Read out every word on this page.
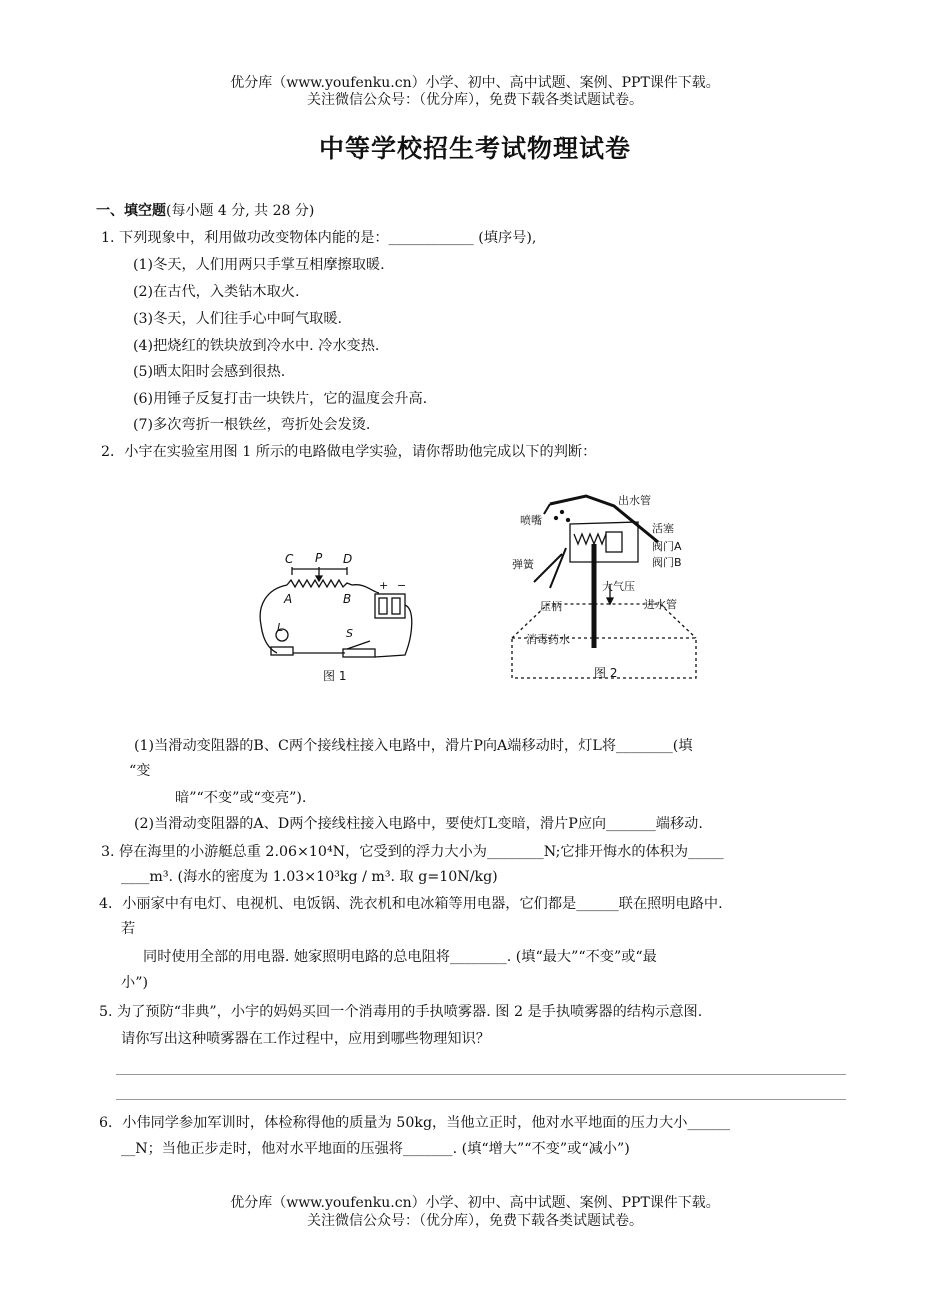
优分库（www.youfenku.cn）小学、初中、高中试题、案例、PPT课件下载。
关注微信公众号：（优分库），免费下载各类试题试卷。
中等学校招生考试物理试卷
一、填空题(每小题 4 分, 共 28 分)
1. 下列现象中，利用做功改变物体内能的是：____________ (填序号),
(1)冬天，人们用两只手掌互相摩擦取暖.
(2)在古代，入类钻木取火.
(3)冬天，人们往手心中呵气取暖.
(4)把烧红的铁块放到冷水中. 冷水变热.
(5)晒太阳时会感到很热.
(6)用锤子反复打击一块铁片，它的温度会升高.
(7)多次弯折一根铁丝，弯折处会发烫.
2．小宇在实验室用图 1 所示的电路做电学实验，请你帮助他完成以下的判断：
C P D
A	B
+ −
L	S
图 1
出水管
喷嘴
活塞
阀门A
阀门B
弹簧
压柄
大气压
进水管
消毒药水
图 2
(1)当滑动变阻器的B、C两个接线柱接入电路中，滑片P向A端移动时，灯L将________(填
“变
暗”“不变”或“变亮”).
(2)当滑动变阻器的A、D两个接线柱接入电路中，要使灯L变暗，滑片P应向_______端移动.
3. 停在海里的小游艇总重 2.06×10⁴N，它受到的浮力大小为________N;它排开悔水的体积为_____
____m³. (海水的密度为 1.03×10³kg / m³. 取 g=10N/kg)
4．小丽家中有电灯、电视机、电饭锅、洗衣机和电冰箱等用电器，它们都是______联在照明电路中.
若
同时使用全部的用电器. 她家照明电路的总电阻将________. (填“最大”“不变”或“最
小”)
5. 为了预防“非典”，小宇的妈妈买回一个消毒用的手执喷雾器. 图 2 是手执喷雾器的结构示意图.
请你写出这种喷雾器在工作过程中，应用到哪些物理知识？
6．小伟同学参加军训时，体检称得他的质量为 50kg，当他立正时，他对水平地面的压力大小______
__N；当他正步走时，他对水平地面的压强将_______. (填“增大”“不变”或“减小”)
优分库（www.youfenku.cn）小学、初中、高中试题、案例、PPT课件下载。
关注微信公众号：（优分库），免费下载各类试题试卷。
